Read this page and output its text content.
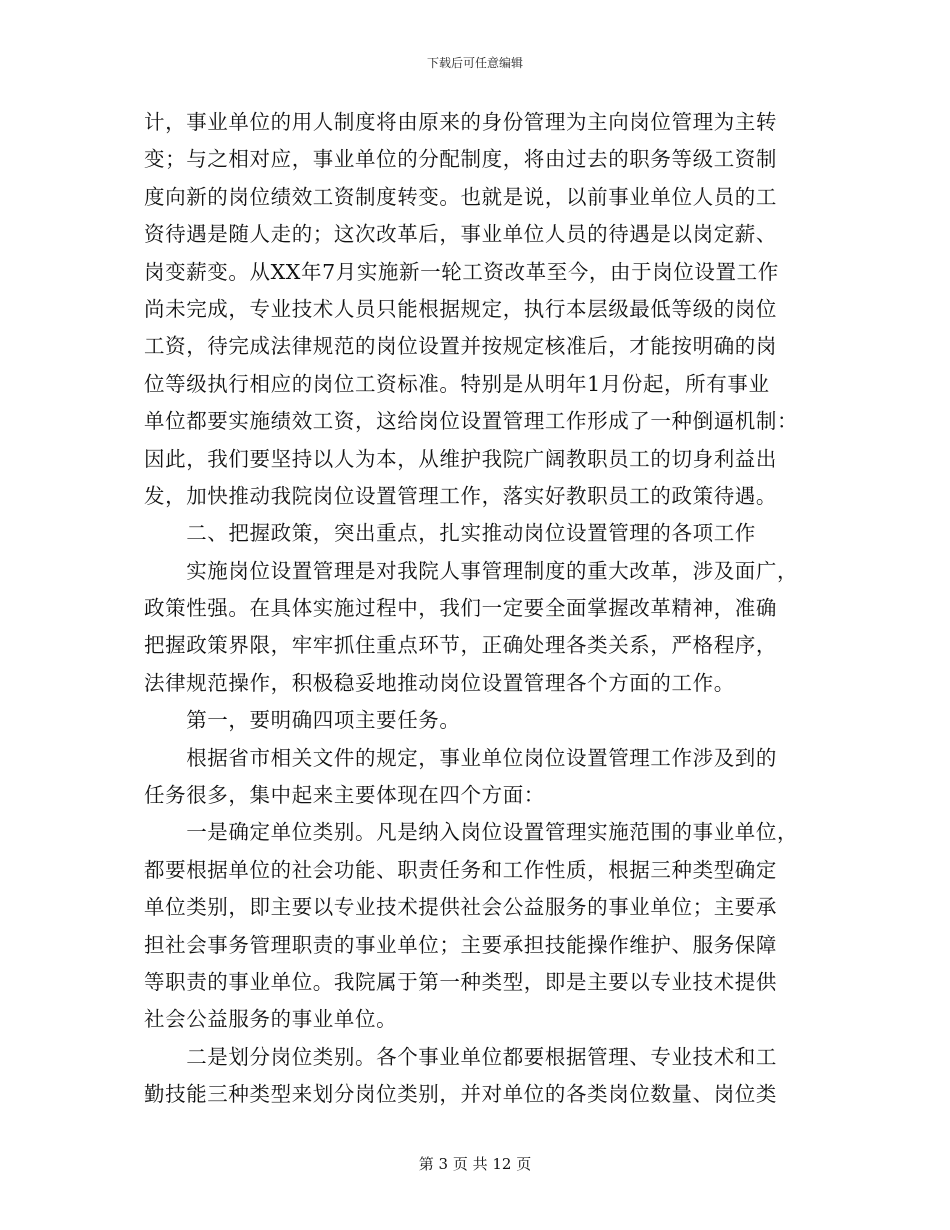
下载后可任意编辑
计，事业单位的用人制度将由原来的身份管理为主向岗位管理为主转
变；与之相对应，事业单位的分配制度，将由过去的职务等级工资制
度向新的岗位绩效工资制度转变。也就是说，以前事业单位人员的工
资待遇是随人走的；这次改革后，事业单位人员的待遇是以岗定薪、
岗变薪变。从XX年7月实施新一轮工资改革至今，由于岗位设置工作
尚未完成，专业技术人员只能根据规定，执行本层级最低等级的岗位
工资，待完成法律规范的岗位设置并按规定核准后，才能按明确的岗
位等级执行相应的岗位工资标准。特别是从明年1月份起，所有事业
单位都要实施绩效工资，这给岗位设置管理工作形成了一种倒逼机制：
因此，我们要坚持以人为本，从维护我院广阔教职员工的切身利益出
发，加快推动我院岗位设置管理工作，落实好教职员工的政策待遇。
　　二、把握政策，突出重点，扎实推动岗位设置管理的各项工作
　　实施岗位设置管理是对我院人事管理制度的重大改革，涉及面广，
政策性强。在具体实施过程中，我们一定要全面掌握改革精神，准确
把握政策界限，牢牢抓住重点环节，正确处理各类关系，严格程序，
法律规范操作，积极稳妥地推动岗位设置管理各个方面的工作。
　　第一，要明确四项主要任务。
　　根据省市相关文件的规定，事业单位岗位设置管理工作涉及到的
任务很多，集中起来主要体现在四个方面：
　　一是确定单位类别。凡是纳入岗位设置管理实施范围的事业单位，
都要根据单位的社会功能、职责任务和工作性质，根据三种类型确定
单位类别，即主要以专业技术提供社会公益服务的事业单位；主要承
担社会事务管理职责的事业单位；主要承担技能操作维护、服务保障
等职责的事业单位。我院属于第一种类型，即是主要以专业技术提供
社会公益服务的事业单位。
　　二是划分岗位类别。各个事业单位都要根据管理、专业技术和工
勤技能三种类型来划分岗位类别，并对单位的各类岗位数量、岗位类
第 3 页 共 12 页
